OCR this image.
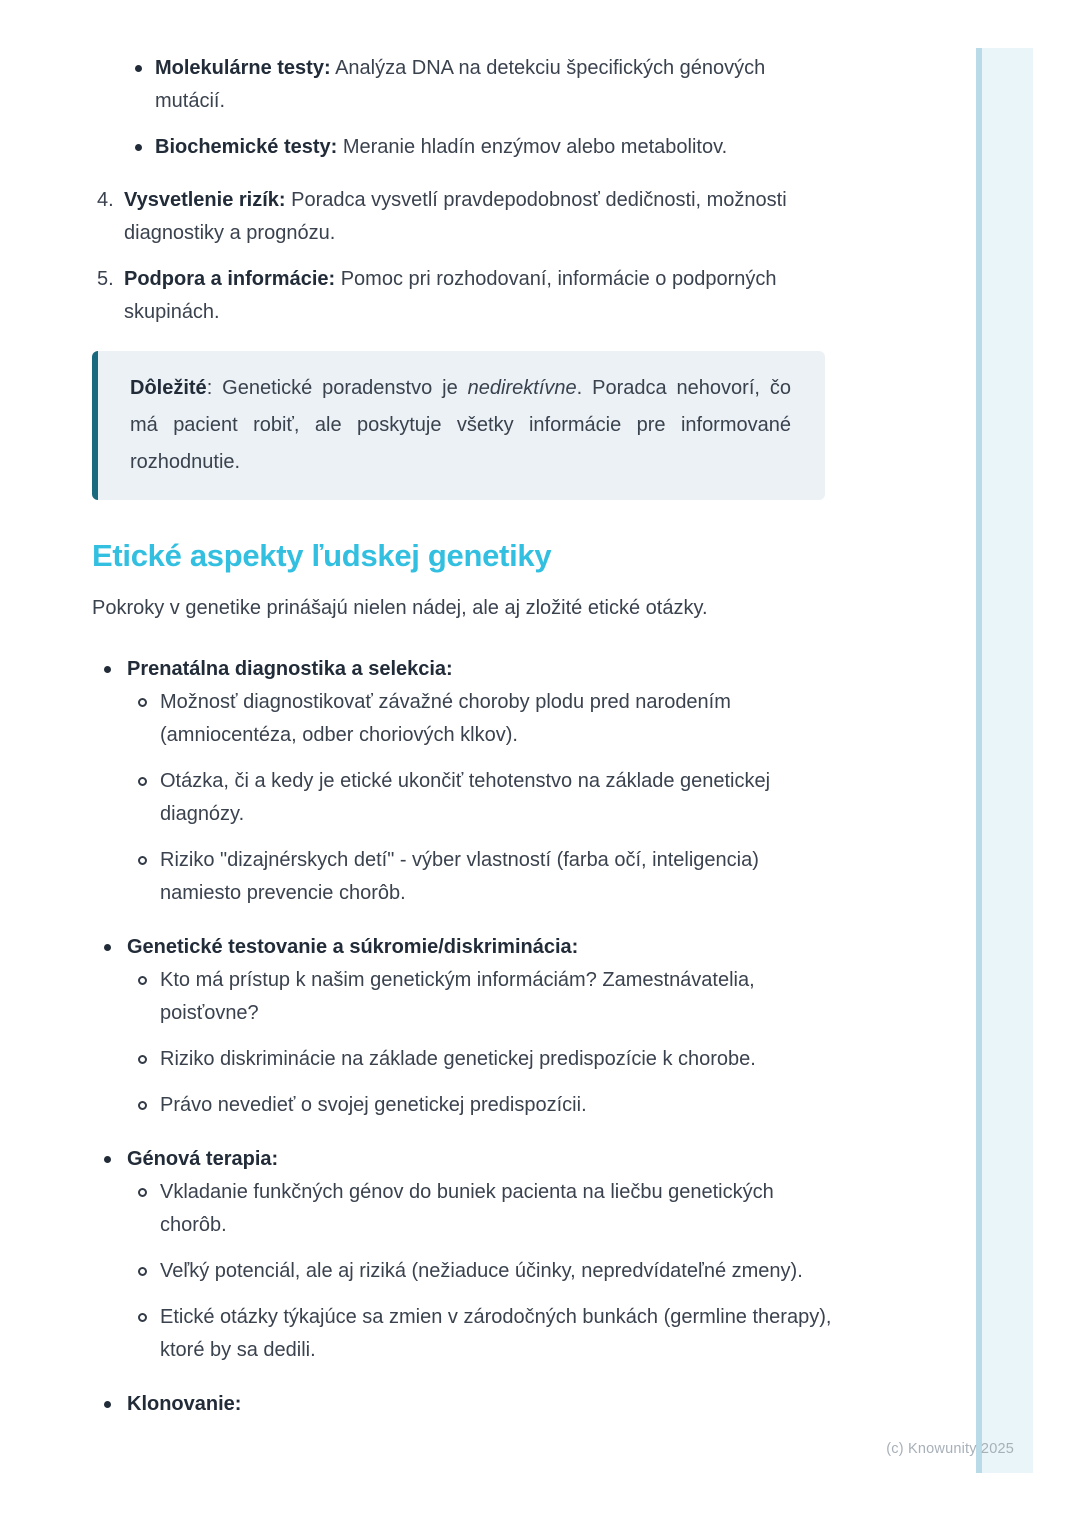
Molekulárne testy: Analýza DNA na detekciu špecifických génových mutácií.

Biochemické testy: Meranie hladín enzýmov alebo metabolitov.

4. Vysvetlenie rizík: Poradca vysvetlí pravdepodobnosť dedičnosti, možnosti diagnostiky a prognózu.

5. Podpora a informácie: Pomoc pri rozhodovaní, informácie o podporných skupinách.

Dôležité: Genetické poradenstvo je nedirektívne. Poradca nehovorí, čo má pacient robiť, ale poskytuje všetky informácie pre informované rozhodnutie.

Etické aspekty ľudskej genetiky

Pokroky v genetike prinášajú nielen nádej, ale aj zložité etické otázky.

Prenatálna diagnostika a selekcia:
Možnosť diagnostikovať závažné choroby plodu pred narodením (amniocentéza, odber choriových klkov).
Otázka, či a kedy je etické ukončiť tehotenstvo na základe genetickej diagnózy.
Riziko "dizajnérskych detí" - výber vlastností (farba očí, inteligencia) namiesto prevencie chorôb.
Genetické testovanie a súkromie/diskriminácia:
Kto má prístup k našim genetickým informáciám? Zamestnávatelia, poisťovne?
Riziko diskriminácie na základe genetickej predispozície k chorobe.
Právo nevedieť o svojej genetickej predispozícii.
Génová terapia:
Vkladanie funkčných génov do buniek pacienta na liečbu genetických chorôb.
Veľký potenciál, ale aj riziká (nežiaduce účinky, nepredvídateľné zmeny).
Etické otázky týkajúce sa zmien v zárodočných bunkách (germline therapy), ktoré by sa dedili.
Klonovanie:
(c) Knowunity 2025
